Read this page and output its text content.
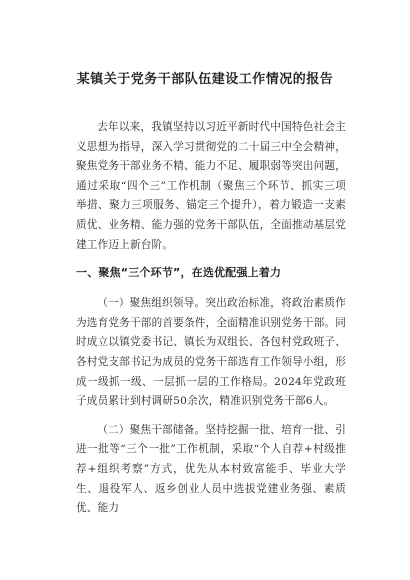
某镇关于党务干部队伍建设工作情况的报告

去年以来，我镇坚持以习近平新时代中国特色社会主义思想为指导，深入学习贯彻党的二十届三中全会精神，聚焦党务干部业务不精、能力不足、履职弱等突出问题，通过采取“四个三”工作机制（聚焦三个环节、抓实三项举措、聚力三项服务、锚定三个提升），着力锻造一支素质优、业务精、能力强的党务干部队伍，全面推动基层党建工作迈上新台阶。

一、聚焦“三个环节”，在选优配强上着力

（一）聚焦组织领导。突出政治标准，将政治素质作为选育党务干部的首要条件，全面精准识别党务干部。同时成立以镇党委书记、镇长为双组长、各包村党政班子、各村党支部书记为成员的党务干部选育工作领导小组，形成一级抓一级、一层抓一层的工作格局。2024年党政班子成员累计到村调研50余次，精准识别党务干部6人。

（二）聚焦干部储备。坚持挖掘一批、培育一批、引进一批等“三个一批”工作机制，采取“个人自荐+村级推荐+组织考察”方式，优先从本村致富能手、毕业大学生、退役军人、返乡创业人员中选拔党建业务强、素质优、能力
